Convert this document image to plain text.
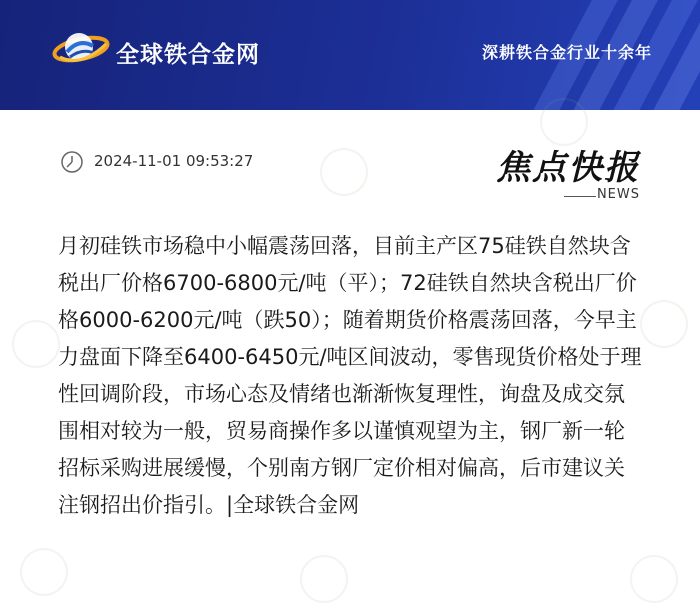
全球铁合金网	深耕铁合金行业十余年
2024-11-01 09:53:27	焦点快报
NEWS

月初硅铁市场稳中小幅震荡回落，目前主产区75硅铁自然块含税出厂价格6700-6800元/吨（平）；72硅铁自然块含税出厂价格6000-6200元/吨（跌50）；随着期货价格震荡回落，今早主力盘面下降至6400-6450元/吨区间波动，零售现货价格处于理性回调阶段，市场心态及情绪也渐渐恢复理性，询盘及成交氛围相对较为一般，贸易商操作多以谨慎观望为主，钢厂新一轮招标采购进展缓慢，个别南方钢厂定价相对偏高，后市建议关注钢招出价指引。|全球铁合金网
